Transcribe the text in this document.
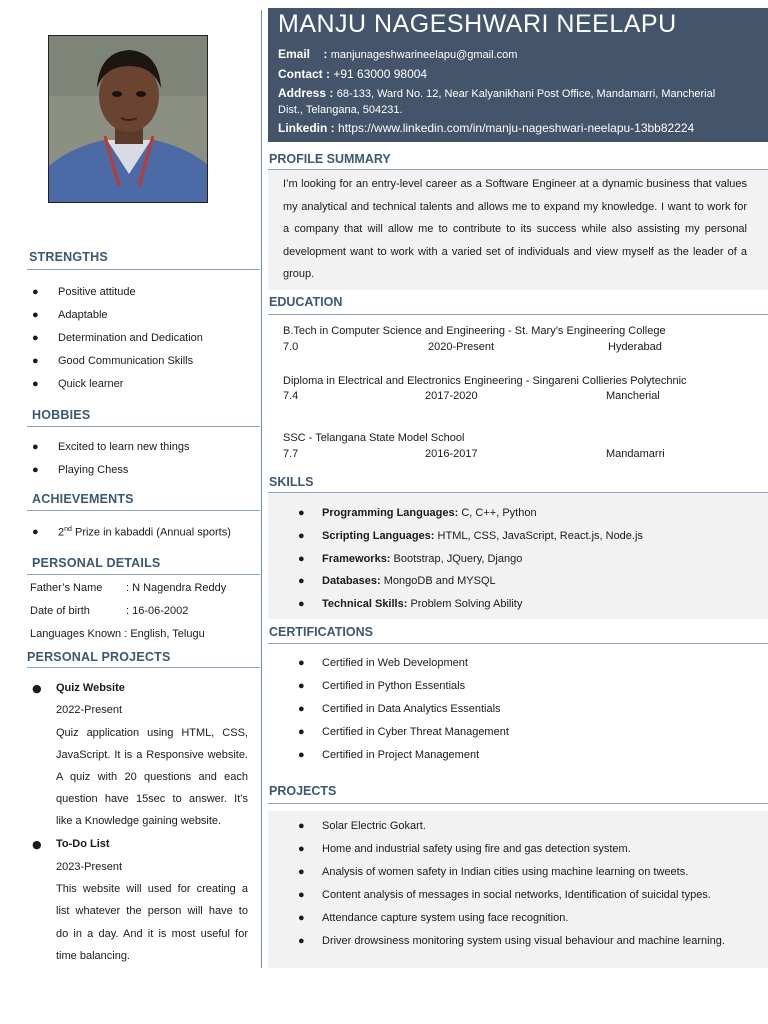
STRENGTHS
● Positive attitude
● Adaptable
● Determination and Dedication
● Good Communication Skills
● Quick learner
HOBBIES
● Excited to learn new things
● Playing Chess
ACHIEVEMENTS
● 2nd Prize in kabaddi (Annual sports)
PERSONAL DETAILS
Father’s Name : N Nagendra Reddy
Date of birth	: 16-06-2002
Languages Known : English, Telugu
PERSONAL PROJECTS
● Quiz Website
2022-Present
Quiz application using HTML, CSS,
JavaScript. It is a Responsive website.
A quiz with 20 questions and each
question have 15sec to answer. It’s
like a Knowledge gaining website.
● To-Do List
2023-Present
This website will used for creating a
list whatever the person will have to
do in a day. And it is most useful for
time balancing.
MANJU NAGESHWARI NEELAPU
Email : manjunageshwarineelapu@gmail.com
Contact : +91 63000 98004
Address : 68-133, Ward No. 12, Near Kalyanikhani Post Office, Mandamarri, Mancherial
Dist., Telangana, 504231.
Linkedin : https://www.linkedin.com/in/manju-nageshwari-neelapu-13bb82224
PROFILE SUMMARY
I’m looking for an entry-level career as a Software Engineer at a dynamic business that values my analytical and technical talents and allows me to expand my knowledge. I want to work for a company that will allow me to contribute to its success while also assisting my personal development want to work with a varied set of individuals and view myself as the leader of a group.
EDUCATION
B.Tech in Computer Science and Engineering - St. Mary’s Engineering College
7.0	2020-Present	Hyderabad
Diploma in Electrical and Electronics Engineering - Singareni Collieries Polytechnic
7.4	2017-2020	Mancherial
SSC - Telangana State Model School
7.7	2016-2017	Mandamarri
SKILLS
● Programming Languages: C, C++, Python
● Scripting Languages: HTML, CSS, JavaScript, React.js, Node.js
● Frameworks: Bootstrap, JQuery, Django
● Databases: MongoDB and MYSQL
● Technical Skills: Problem Solving Ability
CERTIFICATIONS
● Certified in Web Development
● Certified in Python Essentials
● Certified in Data Analytics Essentials
● Certified in Cyber Threat Management
● Certified in Project Management
PROJECTS
● Solar Electric Gokart.
● Home and industrial safety using fire and gas detection system.
● Analysis of women safety in Indian cities using machine learning on tweets.
● Content analysis of messages in social networks, Identification of suicidal types.
● Attendance capture system using face recognition.
● Driver drowsiness monitoring system using visual behaviour and machine learning.
